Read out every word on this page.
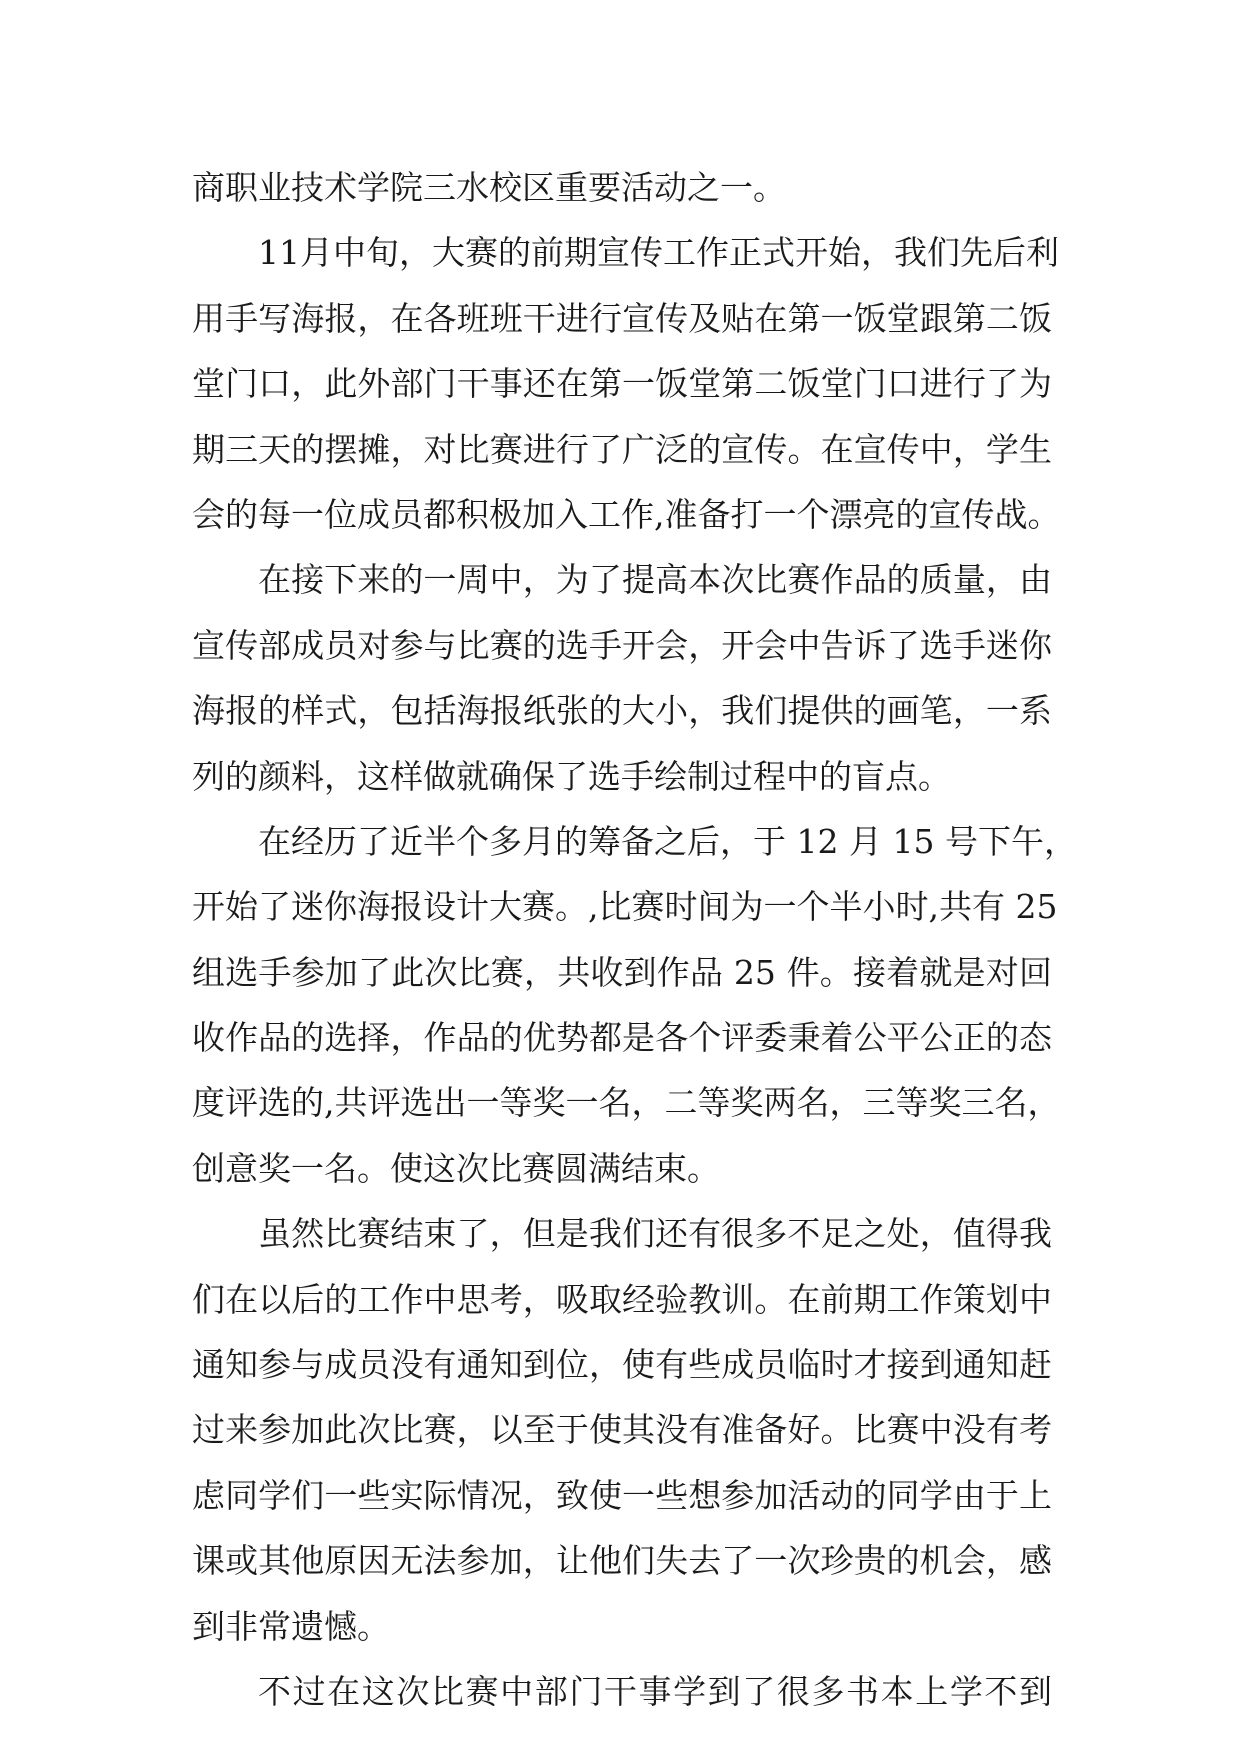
商职业技术学院三水校区重要活动之一。
11月中旬，大赛的前期宣传工作正式开始，我们先后利
用手写海报，在各班班干进行宣传及贴在第一饭堂跟第二饭
堂门口，此外部门干事还在第一饭堂第二饭堂门口进行了为
期三天的摆摊，对比赛进行了广泛的宣传。在宣传中，学生
会的每一位成员都积极加入工作,准备打一个漂亮的宣传战。
在接下来的一周中，为了提高本次比赛作品的质量，由
宣传部成员对参与比赛的选手开会，开会中告诉了选手迷你
海报的样式，包括海报纸张的大小，我们提供的画笔，一系
列的颜料，这样做就确保了选手绘制过程中的盲点。
在经历了近半个多月的筹备之后，于 12 月 15 号下午，
开始了迷你海报设计大赛。,比赛时间为一个半小时,共有 25
组选手参加了此次比赛，共收到作品 25 件。接着就是对回
收作品的选择，作品的优势都是各个评委秉着公平公正的态
度评选的,共评选出一等奖一名，二等奖两名，三等奖三名，
创意奖一名。使这次比赛圆满结束。
虽然比赛结束了，但是我们还有很多不足之处，值得我
们在以后的工作中思考，吸取经验教训。在前期工作策划中
通知参与成员没有通知到位，使有些成员临时才接到通知赶
过来参加此次比赛，以至于使其没有准备好。比赛中没有考
虑同学们一些实际情况，致使一些想参加活动的同学由于上
课或其他原因无法参加，让他们失去了一次珍贵的机会，感
到非常遗憾。
不过在这次比赛中部门干事学到了很多书本上学不到
